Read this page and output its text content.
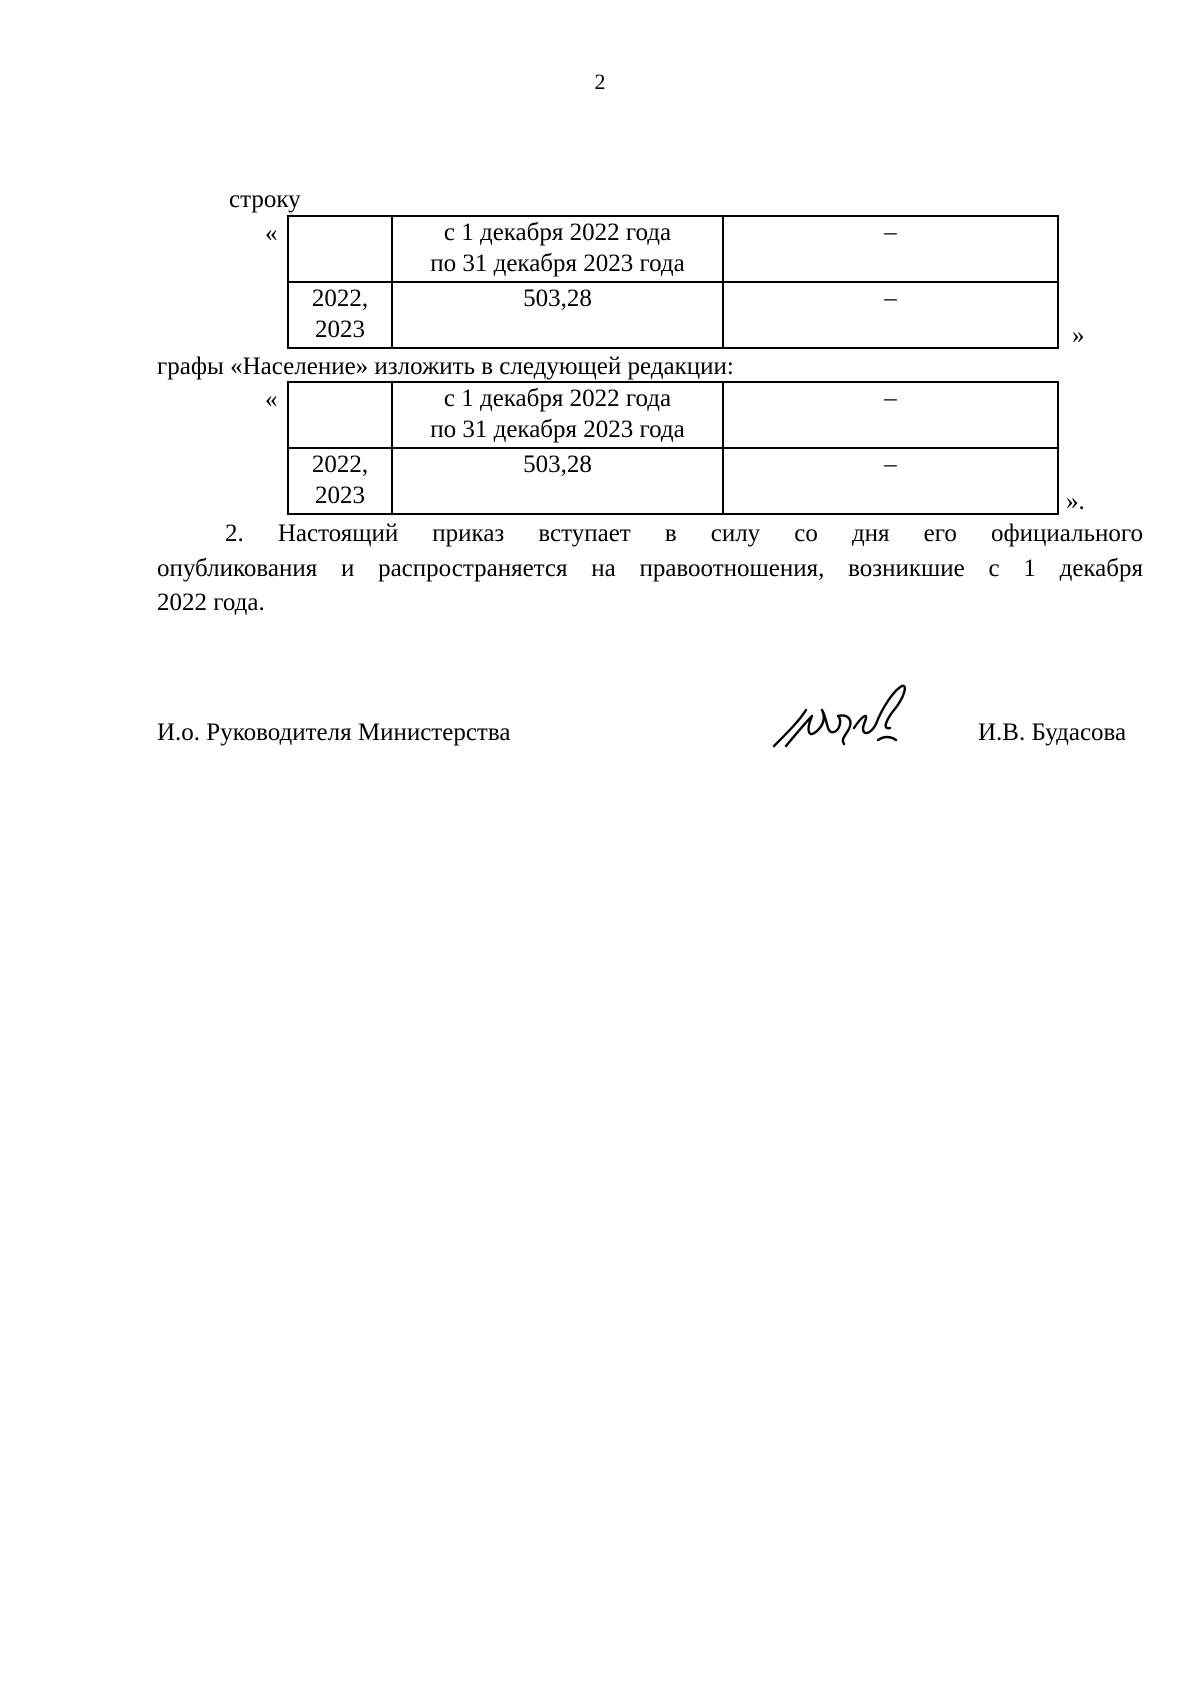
2
строку
«

	с 1 декабря 2022 года
по 31 декабря 2023 года	–

2022,
2023	503,28	–
»
графы «Население» изложить в следующей редакции:
«

	с 1 декабря 2022 года
по 31 декабря 2023 года	–

2022,
2023	503,28	–
».
2. Настоящий приказ вступает в силу со дня его официального
опубликования и распространяется на правоотношения, возникшие с 1 декабря
2022 года.
И.о. Руководителя Министерства	И.В. Будасова
